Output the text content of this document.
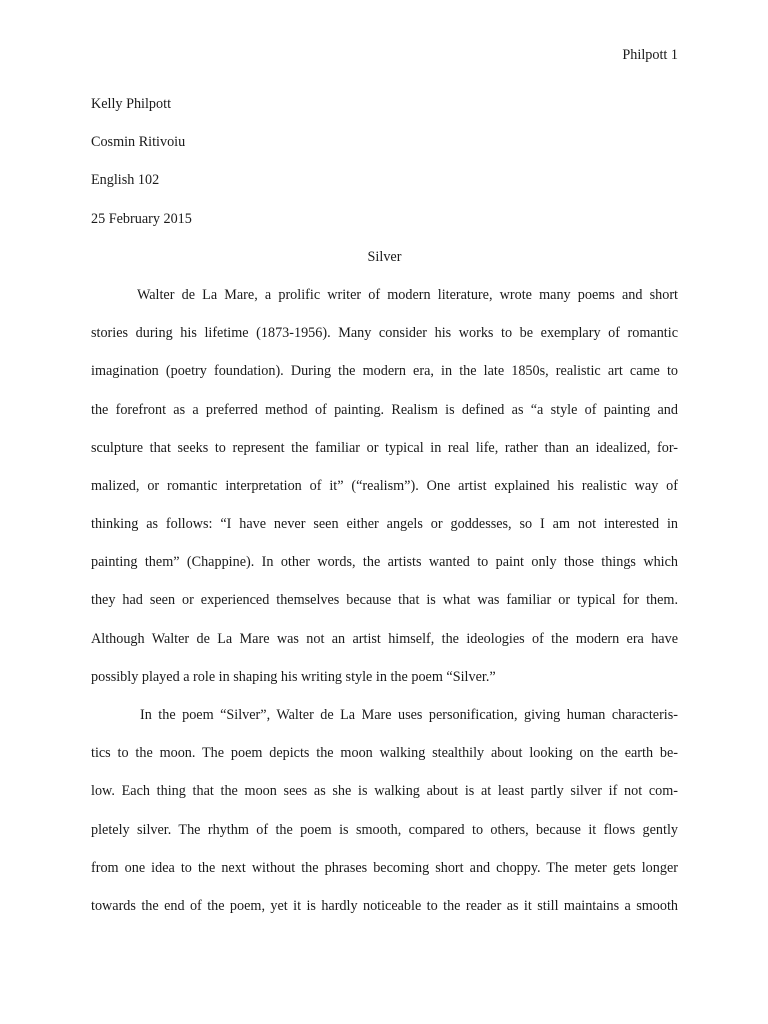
Philpott 1
Kelly Philpott
Cosmin Ritivoiu
English 102
25 February 2015
Silver
Walter de La Mare, a prolific writer of modern literature, wrote many poems and short
stories during his lifetime (1873-1956). Many consider his works to be exemplary of romantic
imagination (poetry foundation). During the modern era, in the late 1850s, realistic art came to
the forefront as a preferred method of painting. Realism is defined as “a style of painting and
sculpture that seeks to represent the familiar or typical in real life, rather than an idealized, for-
malized, or romantic interpretation of it” (“realism”). One artist explained his realistic way of
thinking as follows: “I have never seen either angels or goddesses, so I am not interested in
painting them” (Chappine). In other words, the artists wanted to paint only those things which
they had seen or experienced themselves because that is what was familiar or typical for them.
Although Walter de La Mare was not an artist himself, the ideologies of the modern era have
possibly played a role in shaping his writing style in the poem “Silver.”
In the poem “Silver”, Walter de La Mare uses personification, giving human characteris-
tics to the moon. The poem depicts the moon walking stealthily about looking on the earth be-
low. Each thing that the moon sees as she is walking about is at least partly silver if not com-
pletely silver. The rhythm of the poem is smooth, compared to others, because it flows gently
from one idea to the next without the phrases becoming short and choppy. The meter gets longer
towards the end of the poem, yet it is hardly noticeable to the reader as it still maintains a smooth
